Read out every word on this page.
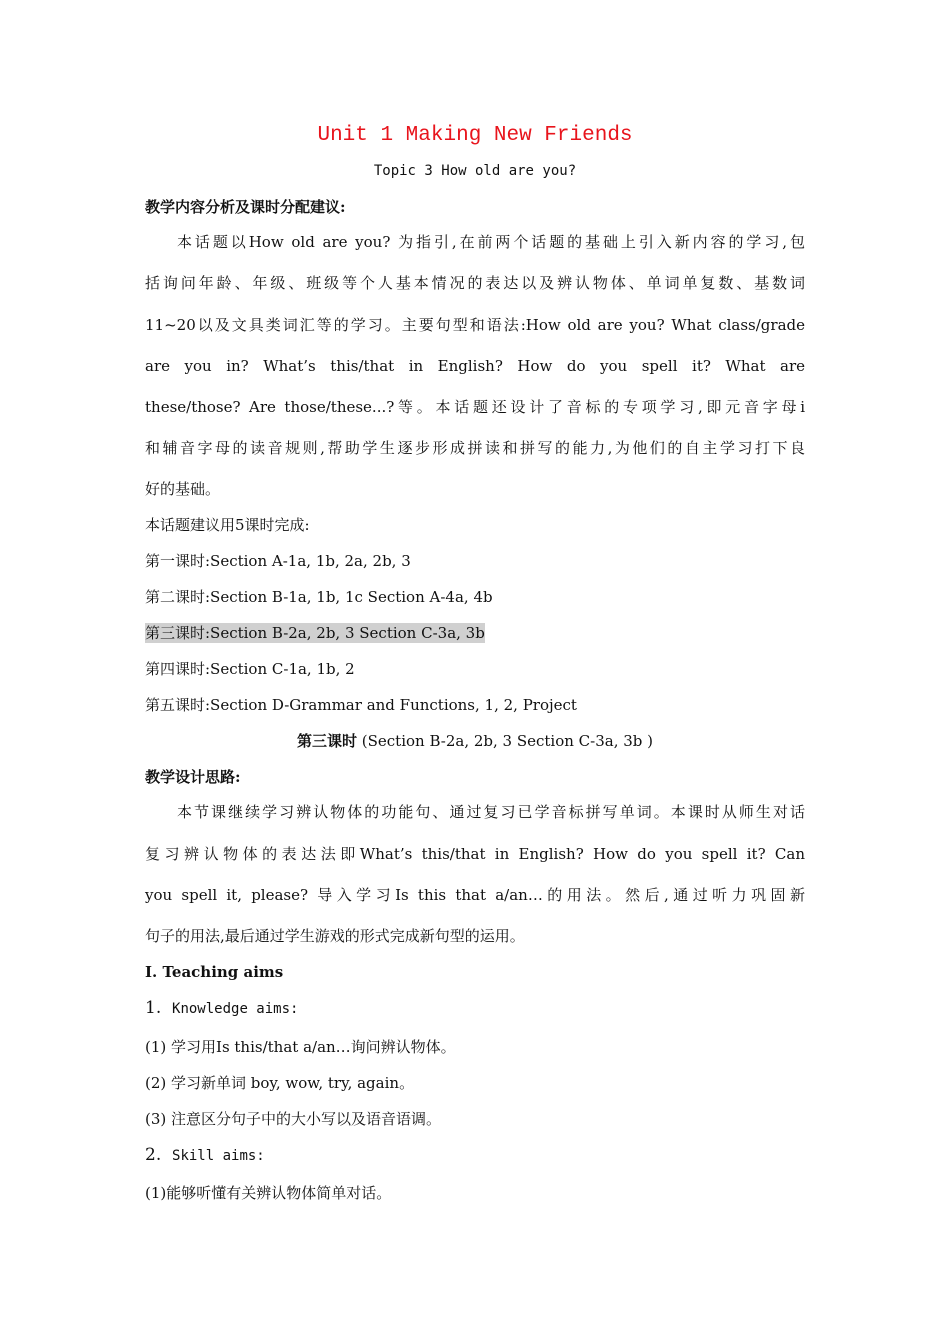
Unit 1 Making New Friends
Topic 3 How old are you?
教学内容分析及课时分配建议:
本话题以How old are you? 为指引,在前两个话题的基础上引入新内容的学习,包
括询问年龄、年级、班级等个人基本情况的表达以及辨认物体、单词单复数、基数词
11~20以及文具类词汇等的学习。主要句型和语法:How old are you? What class/grade
are you in? What’s this/that in English? How do you spell it? What are
these/those? Are those/these...?等。本话题还设计了音标的专项学习,即元音字母i
和辅音字母的读音规则,帮助学生逐步形成拼读和拼写的能力,为他们的自主学习打下良
好的基础。
本话题建议用5课时完成:
第一课时:Section A-1a, 1b, 2a, 2b, 3
第二课时:Section B-1a, 1b, 1c Section A-4a, 4b
第三课时:Section B-2a, 2b, 3 Section C-3a, 3b
第四课时:Section C-1a, 1b, 2
第五课时:Section D-Grammar and Functions, 1, 2, Project
第三课时 (Section B-2a, 2b, 3 Section C-3a, 3b )
教学设计思路:
本节课继续学习辨认物体的功能句、通过复习已学音标拼写单词。本课时从师生对话
复习辨认物体的表达法即What’s this/that in English? How do you spell it? Can
you spell it, please? 导入学习Is this that a/an…的用法。然后,通过听力巩固新
句子的用法,最后通过学生游戏的形式完成新句型的运用。
Ⅰ. Teaching aims
1. Knowledge aims:
(1) 学习用Is this/that a/an…询问辨认物体。
(2) 学习新单词 boy, wow, try, again。
(3) 注意区分句子中的大小写以及语音语调。
2. Skill aims:
(1)能够听懂有关辨认物体简单对话。
